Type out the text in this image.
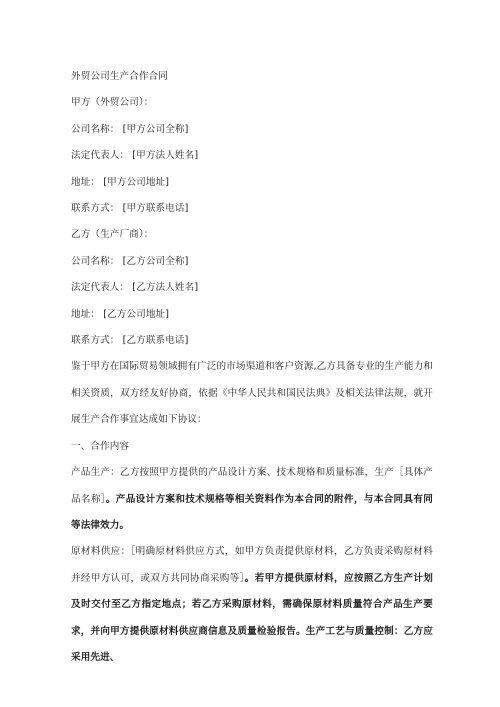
外贸公司生产合作合同
甲方（外贸公司）：
公司名称： [甲方公司全称]
法定代表人： [甲方法人姓名]
地址： [甲方公司地址]
联系方式： [甲方联系电话]
乙方（生产厂商）：
公司名称： [乙方公司全称]
法定代表人： [乙方法人姓名]
地址： [乙方公司地址]
联系方式： [乙方联系电话]
鉴于甲方在国际贸易领域拥有广泛的市场渠道和客户资源,乙方具备专业的生产能力和相关资质，双方经友好协商，依据《中华人民共和国民法典》及相关法律法规，就开展生产合作事宜达成如下协议：
一、合作内容
产品生产：乙方按照甲方提供的产品设计方案、技术规格和质量标准，生产［具体产品名称］。产品设计方案和技术规格等相关资料作为本合同的附件，与本合同具有同等法律效力。
原材料供应：［明确原材料供应方式，如甲方负责提供原材料，乙方负责采购原材料并经甲方认可，或双方共同协商采购等］。若甲方提供原材料，应按照乙方生产计划及时交付至乙方指定地点；若乙方采购原材料，需确保原材料质量符合产品生产要求，并向甲方提供原材料供应商信息及质量检验报告。生产工艺与质量控制：乙方应采用先进、
